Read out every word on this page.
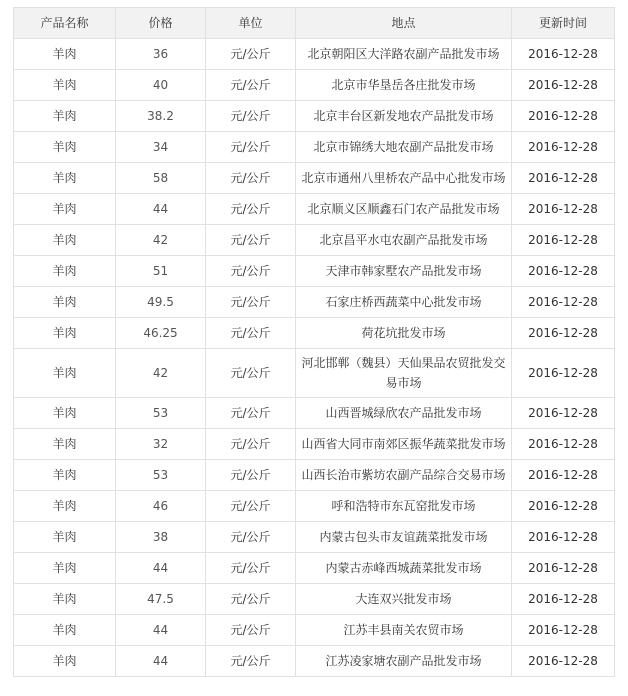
产品名称	价格	单位	地点	更新时间
羊肉	36	元/公斤	北京朝阳区大洋路农副产品批发市场	2016-12-28
羊肉	40	元/公斤	北京市华垦岳各庄批发市场	2016-12-28
羊肉	38.2	元/公斤	北京丰台区新发地农产品批发市场	2016-12-28
羊肉	34	元/公斤	北京市锦绣大地农副产品批发市场	2016-12-28
羊肉	58	元/公斤	北京市通州八里桥农产品中心批发市场	2016-12-28
羊肉	44	元/公斤	北京顺义区顺鑫石门农产品批发市场	2016-12-28
羊肉	42	元/公斤	北京昌平水屯农副产品批发市场	2016-12-28
羊肉	51	元/公斤	天津市韩家墅农产品批发市场	2016-12-28
羊肉	49.5	元/公斤	石家庄桥西蔬菜中心批发市场	2016-12-28
羊肉	46.25	元/公斤	荷花坑批发市场	2016-12-28
羊肉	42	元/公斤	河北邯郸（魏县）天仙果品农贸批发交易市场	2016-12-28
羊肉	53	元/公斤	山西晋城绿欣农产品批发市场	2016-12-28
羊肉	32	元/公斤	山西省大同市南郊区振华蔬菜批发市场	2016-12-28
羊肉	53	元/公斤	山西长治市紫坊农副产品综合交易市场	2016-12-28
羊肉	46	元/公斤	呼和浩特市东瓦窑批发市场	2016-12-28
羊肉	38	元/公斤	内蒙古包头市友谊蔬菜批发市场	2016-12-28
羊肉	44	元/公斤	内蒙古赤峰西城蔬菜批发市场	2016-12-28
羊肉	47.5	元/公斤	大连双兴批发市场	2016-12-28
羊肉	44	元/公斤	江苏丰县南关农贸市场	2016-12-28
羊肉	44	元/公斤	江苏凌家塘农副产品批发市场	2016-12-28
